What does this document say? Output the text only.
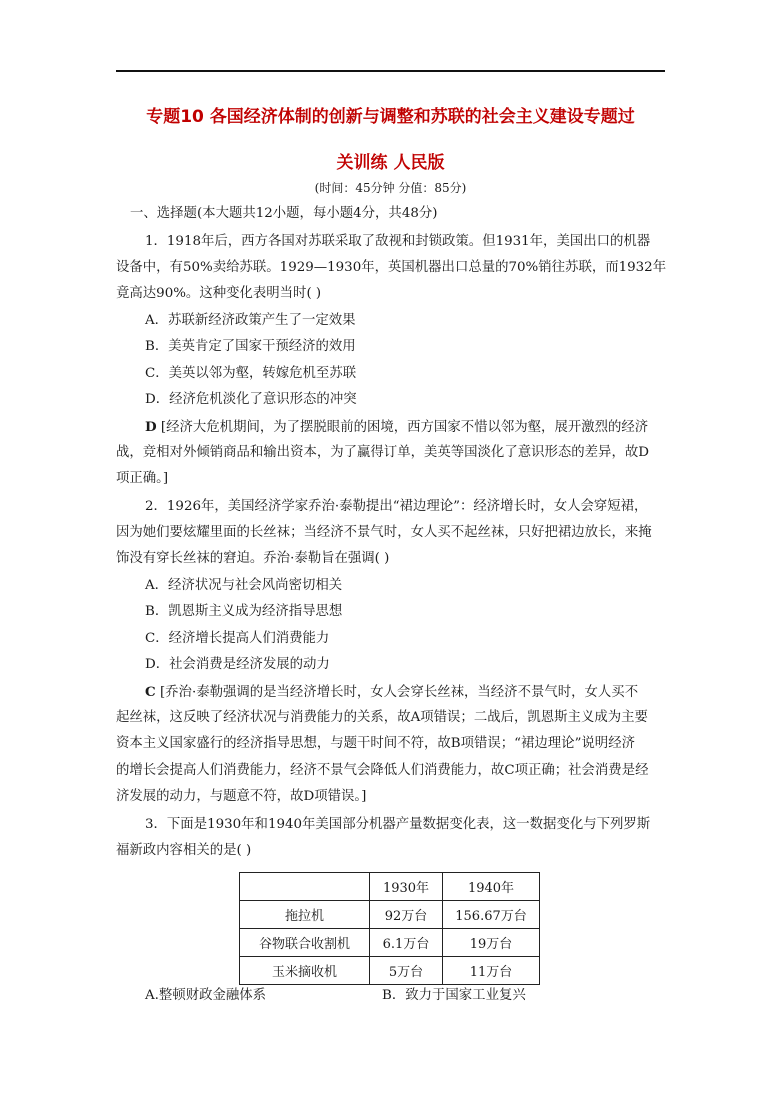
专题10 各国经济体制的创新与调整和苏联的社会主义建设专题过
关训练 人民版
(时间：45分钟 分值：85分)
一、选择题(本大题共12小题，每小题4分，共48分)
1．1918年后，西方各国对苏联采取了敌视和封锁政策。但1931年，美国出口的机器
设备中，有50%卖给苏联。1929—1930年，英国机器出口总量的70%销往苏联，而1932年
竟高达90%。这种变化表明当时( )
A．苏联新经济政策产生了一定效果
B．美英肯定了国家干预经济的效用
C．美英以邻为壑，转嫁危机至苏联
D．经济危机淡化了意识形态的冲突
D [经济大危机期间，为了摆脱眼前的困境，西方国家不惜以邻为壑，展开激烈的经济
战，竞相对外倾销商品和输出资本，为了赢得订单，美英等国淡化了意识形态的差异，故D
项正确。]
2．1926年，美国经济学家乔治·泰勒提出“裙边理论”：经济增长时，女人会穿短裙，
因为她们要炫耀里面的长丝袜；当经济不景气时，女人买不起丝袜，只好把裙边放长，来掩
饰没有穿长丝袜的窘迫。乔治·泰勒旨在强调( )
A．经济状况与社会风尚密切相关
B．凯恩斯主义成为经济指导思想
C．经济增长提高人们消费能力
D．社会消费是经济发展的动力
C [乔治·泰勒强调的是当经济增长时，女人会穿长丝袜，当经济不景气时，女人买不
起丝袜，这反映了经济状况与消费能力的关系，故A项错误；二战后，凯恩斯主义成为主要
资本主义国家盛行的经济指导思想，与题干时间不符，故B项错误；“裙边理论”说明经济
的增长会提高人们消费能力，经济不景气会降低人们消费能力，故C项正确；社会消费是经
济发展的动力，与题意不符，故D项错误。]
3．下面是1930年和1940年美国部分机器产量数据变化表，这一数据变化与下列罗斯
福新政内容相关的是( )
	1930年	1940年
拖拉机	92万台	156.67万台
谷物联合收割机	6.1万台	19万台
玉米摘收机	5万台	11万台
A.整顿财政金融体系	B．致力于国家工业复兴
